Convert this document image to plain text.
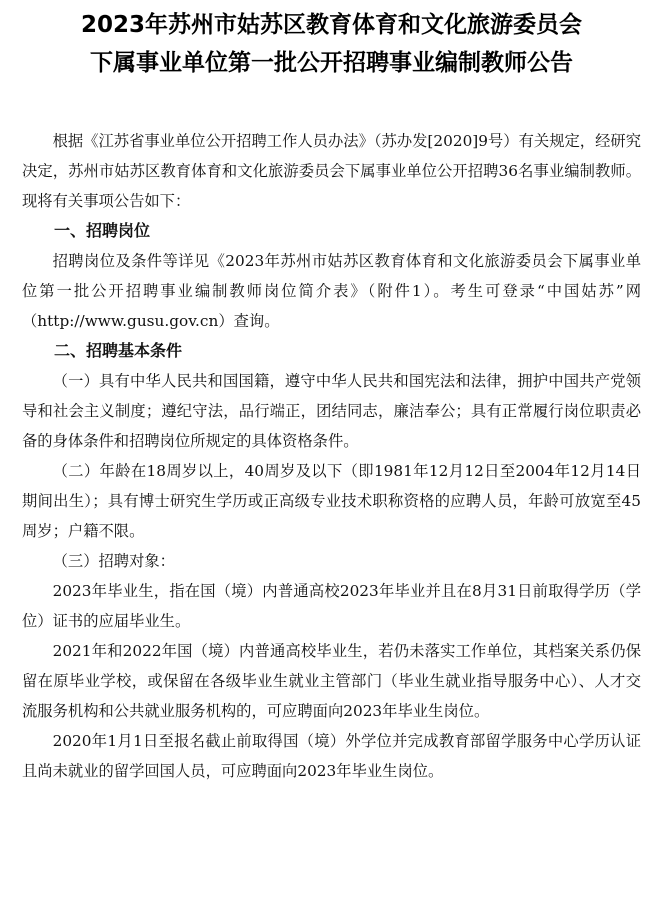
2023年苏州市姑苏区教育体育和文化旅游委员会
下属事业单位第一批公开招聘事业编制教师公告

根据《江苏省事业单位公开招聘工作人员办法》（苏办发[2020]9号）有关规定，经研究决定，苏州市姑苏区教育体育和文化旅游委员会下属事业单位公开招聘36名事业编制教师。现将有关事项公告如下：

一、招聘岗位

招聘岗位及条件等详见《2023年苏州市姑苏区教育体育和文化旅游委员会下属事业单位第一批公开招聘事业编制教师岗位简介表》（附件1）。考生可登录“中国姑苏”网（http://www.gusu.gov.cn）查询。

二、招聘基本条件

（一）具有中华人民共和国国籍，遵守中华人民共和国宪法和法律，拥护中国共产党领导和社会主义制度；遵纪守法，品行端正，团结同志，廉洁奉公；具有正常履行岗位职责必备的身体条件和招聘岗位所规定的具体资格条件。

（二）年龄在18周岁以上，40周岁及以下（即1981年12月12日至2004年12月14日期间出生）；具有博士研究生学历或正高级专业技术职称资格的应聘人员，年龄可放宽至45周岁；户籍不限。

（三）招聘对象：

2023年毕业生，指在国（境）内普通高校2023年毕业并且在8月31日前取得学历（学位）证书的应届毕业生。

2021年和2022年国（境）内普通高校毕业生，若仍未落实工作单位，其档案关系仍保留在原毕业学校，或保留在各级毕业生就业主管部门（毕业生就业指导服务中心）、人才交流服务机构和公共就业服务机构的，可应聘面向2023年毕业生岗位。

2020年1月1日至报名截止前取得国（境）外学位并完成教育部留学服务中心学历认证且尚未就业的留学回国人员，可应聘面向2023年毕业生岗位。
